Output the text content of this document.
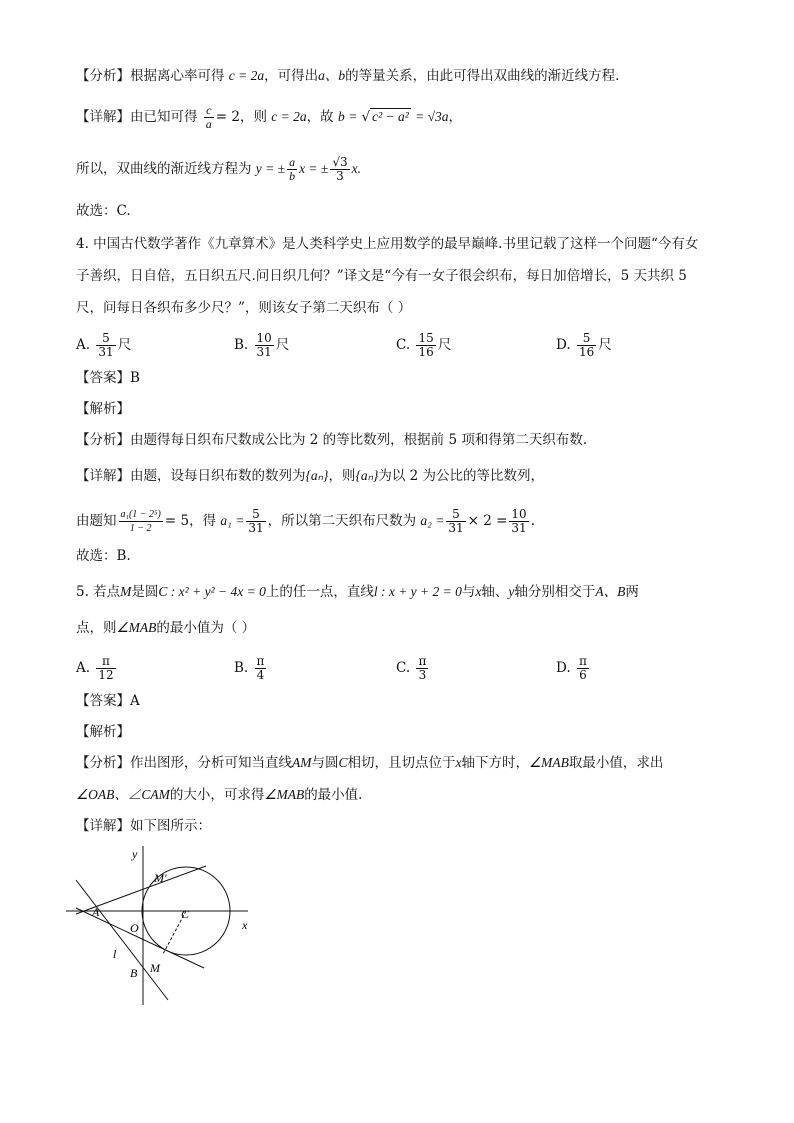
【分析】根据离心率可得 c = 2a，可得出a、b的等量关系，由此可得出双曲线的渐近线方程.
【详解】由已知可得 $\frac{c}{a} = 2$，则 c = 2a，故 b = √ c² − a² = √3a，
所以，双曲线的渐近线方程为 y = ± $\frac{a}{b}$ x = ± $\frac{√3}{3} x$.
故选：C.
4. 中国古代数学著作《九章算术》是人类科学史上应用数学的最早巅峰.书里记载了这样一个问题“今有女
子善织，日自倍，五日织五尺.问日织几何？”译文是“今有一女子很会织布，每日加倍增长，5 天共织 5
尺，问每日各织布多少尺？”，则该女子第二天织布（ ）
A. $\frac{5}{31}$ 尺	B. $\frac{10}{31}$ 尺	C. $\frac{15}{16}$ 尺	D. $\frac{5}{16}$ 尺
【答案】B
【解析】
【分析】由题得每日织布尺数成公比为 2 的等比数列，根据前 5 项和得第二天织布数.
【详解】由题，设每日织布数的数列为{aₙ}，则{aₙ}为以 2 为公比的等比数列，
由题知 $\frac{\text{a₁(1 − 2⁵)}}{1 - 2} = 5$，得 $a_1 = \frac{5}{31}$ ，所以第二天织布尺数为 $a_2 = \frac{5}{31} \times 2 = \frac{10}{31}$ .
故选：B.
5. 若点M是圆C : x² + y² − 4x = 0上的任一点，直线l : x + y + 2 = 0与x轴、y轴分别相交于A、B两
点，则∠MAB的最小值为（ ）
A. $\frac{\pi}{12}$	B. $\frac{\pi}{4}$	C. $\frac{\pi}{3}$	D. $\frac{\pi}{6}$
【答案】A
【解析】
【分析】作出图形，分析可知当直线AM与圆C相切，且切点位于x轴下方时，∠MAB取最小值，求出
∠OAB、∠CAM的大小，可求得∠MAB的最小值.
【详解】如下图所示：
y
x
A
O
C
M
M′
B
l
